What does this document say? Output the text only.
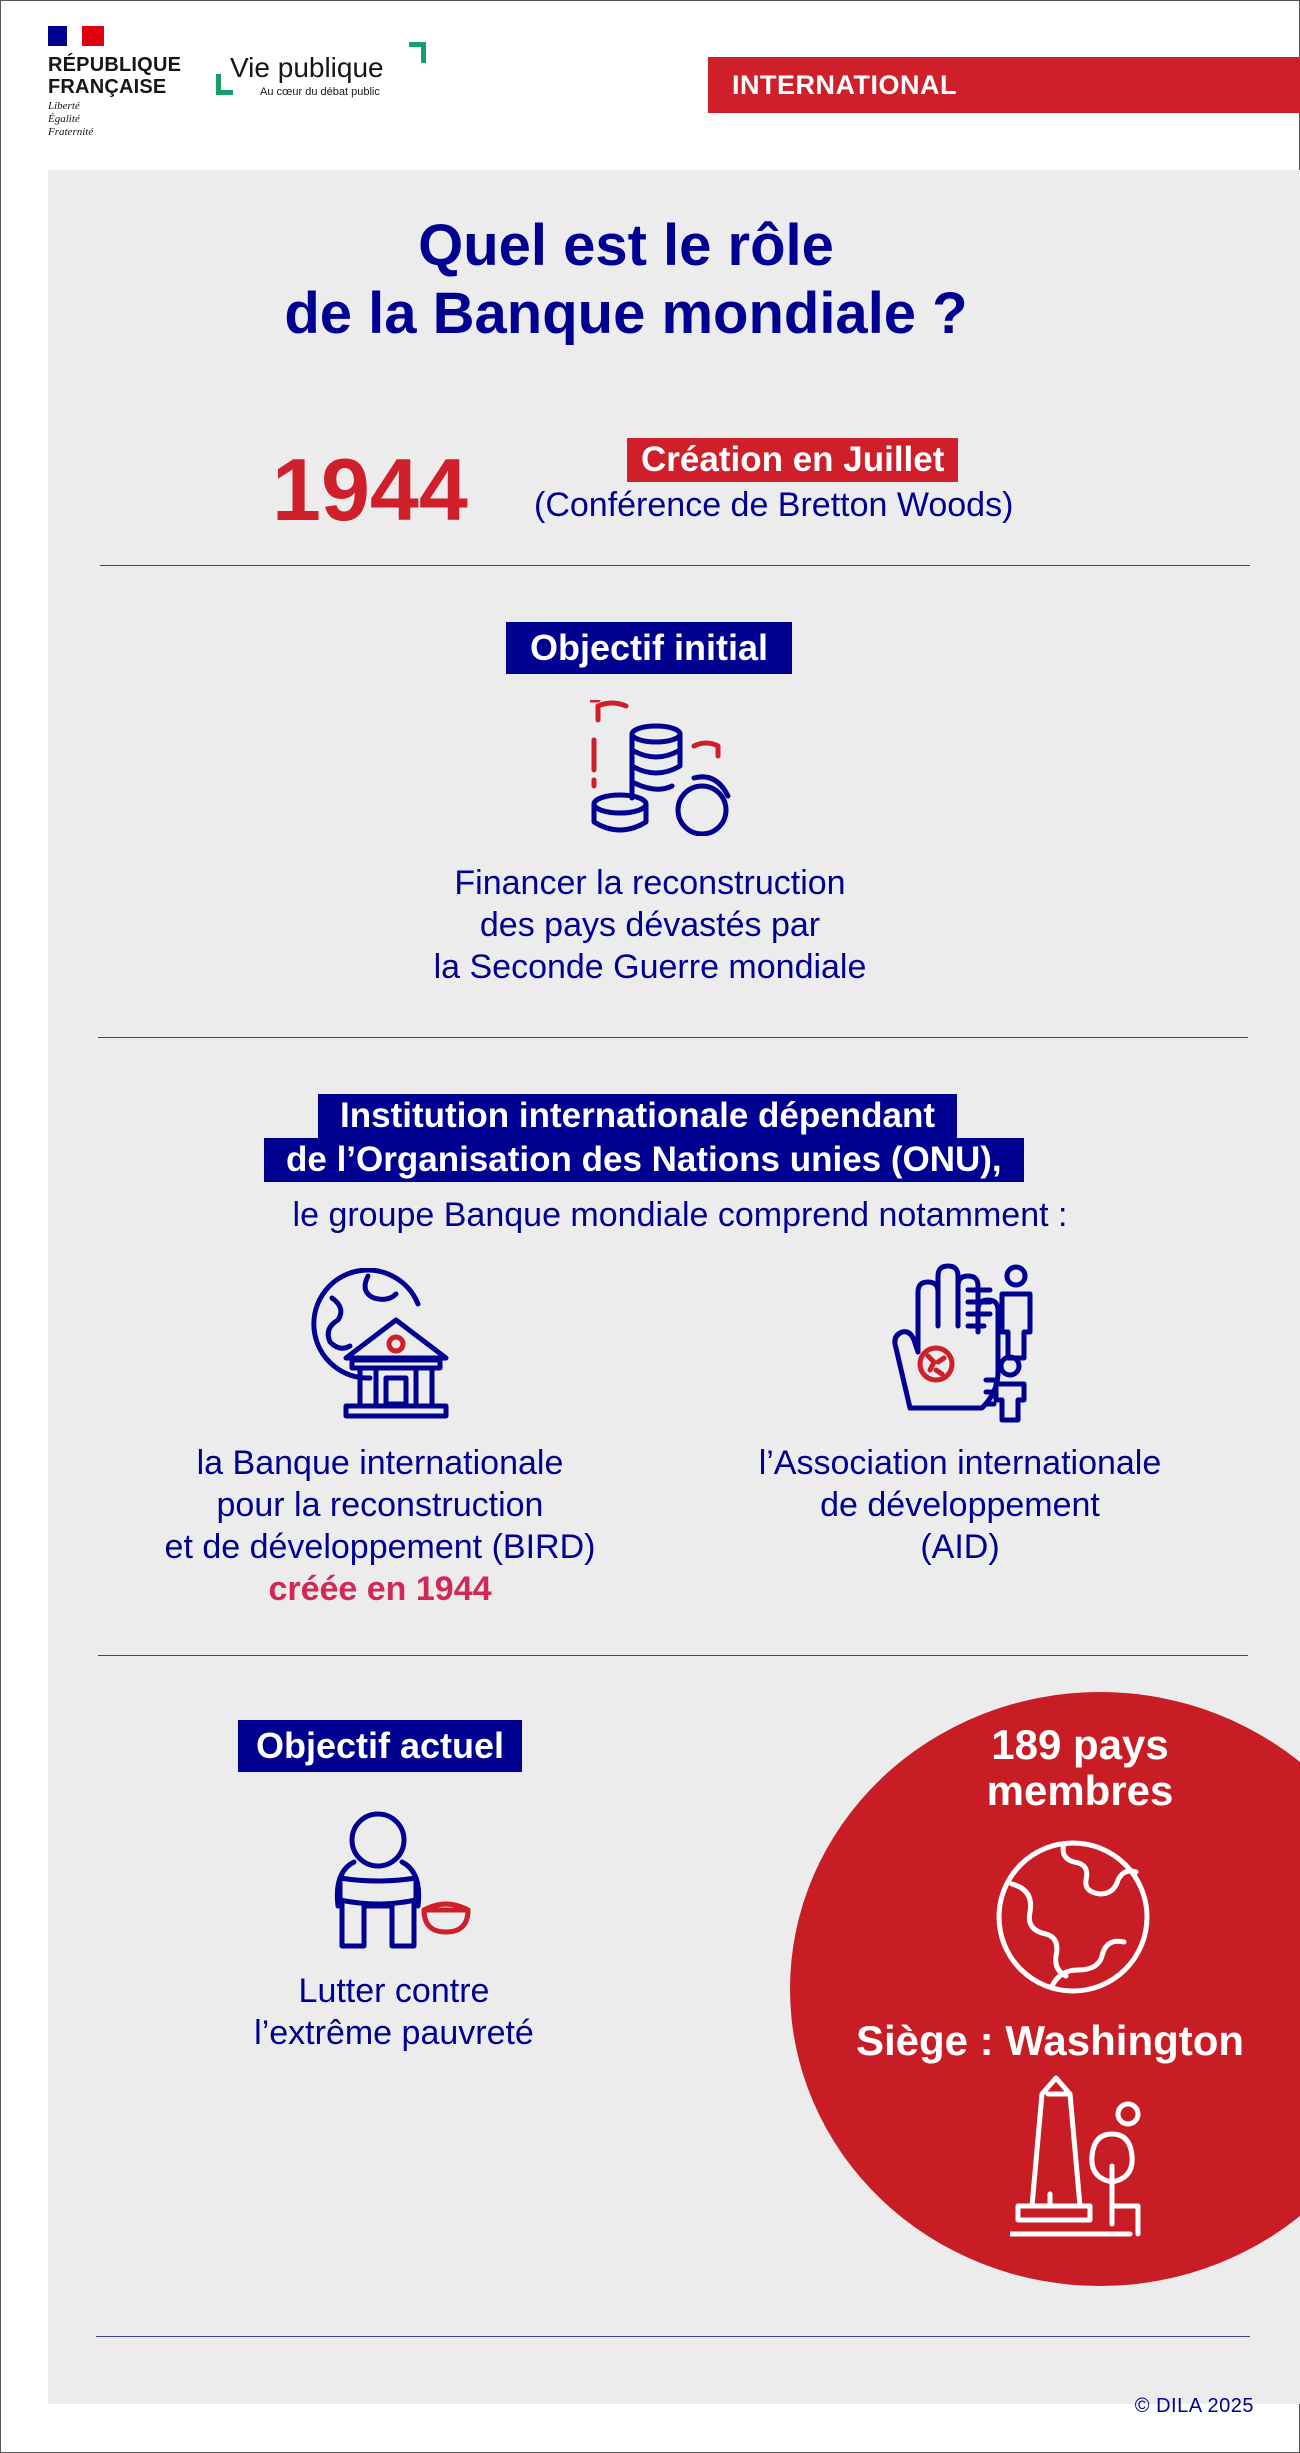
RÉPUBLIQUE
FRANÇAISE
Liberté
Égalité
Fraternité
Vie publique
Au cœur du débat public	INTERNATIONAL
Quel est le rôle
de la Banque mondiale ?
1944	Création en Juillet
(Conférence de Bretton Woods)
Objectif initial
Financer la reconstruction
des pays dévastés par
la Seconde Guerre mondiale
Institution internationale dépendant
de l’Organisation des Nations unies (ONU),
le groupe Banque mondiale comprend notamment :
la Banque internationale
pour la reconstruction
et de développement (BIRD)
créée en 1944
l’Association internationale
de développement
(AID)
Objectif actuel
Lutter contre
l’extrême pauvreté
189 pays
membres
Siège : Washington
© DILA 2025
